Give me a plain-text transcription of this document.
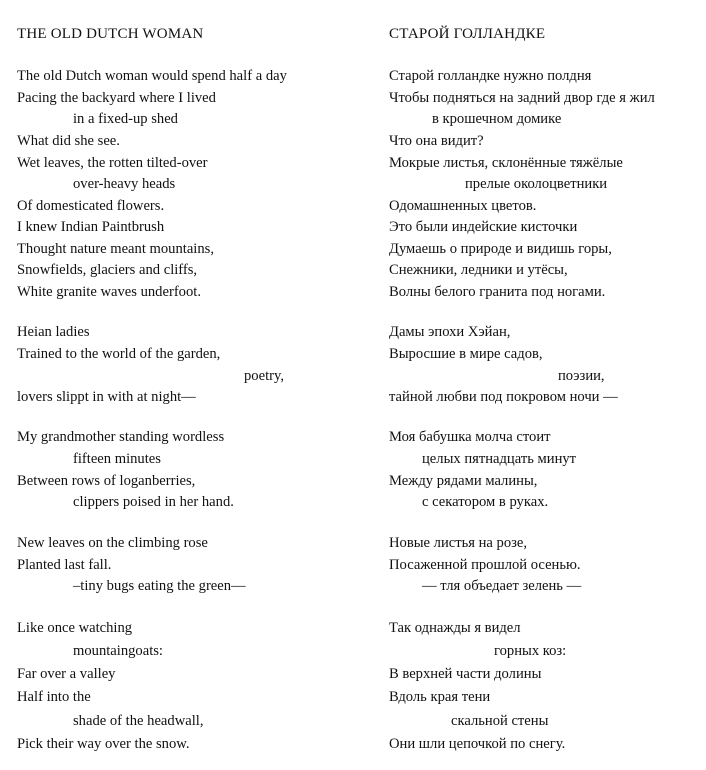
THE OLD DUTCH WOMAN
The old Dutch woman would spend half a day
Pacing the backyard where I lived
in a fixed-up shed
What did she see.
Wet leaves, the rotten tilted-over
over-heavy heads
Of domesticated flowers.
I knew Indian Paintbrush
Thought nature meant mountains,
Snowfields, glaciers and cliffs,
White granite waves underfoot.
Heian ladies
Trained to the world of the garden,
poetry,
lovers slippt in with at night—
My grandmother standing wordless
fifteen minutes
Between rows of loganberries,
clippers poised in her hand.
New leaves on the climbing rose
Planted last fall.
–tiny bugs eating the green—
Like once watching
mountaingoats:
Far over a valley
Half into the
shade of the headwall,
Pick their way over the snow.
СТАРОЙ ГОЛЛАНДКЕ
Старой голландке нужно полдня
Чтобы подняться на задний двор где я жил
в крошечном домике
Что она видит?
Мокрые листья, склонённые тяжёлые
прелые околоцветники
Одомашненных цветов.
Это были индейские кисточки
Думаешь о природе и видишь горы,
Снежники, ледники и утёсы,
Волны белого гранита под ногами.
Дамы эпохи Хэйан,
Выросшие в мире садов,
поэзии,
тайной любви под покровом ночи —
Моя бабушка молча стоит
целых пятнадцать минут
Между рядами малины,
с секатором в руках.
Новые листья на розе,
Посаженной прошлой осенью.
— тля объедает зелень —
Так однажды я видел
горных коз:
В верхней части долины
Вдоль края тени
скальной стены
Они шли цепочкой по снегу.
